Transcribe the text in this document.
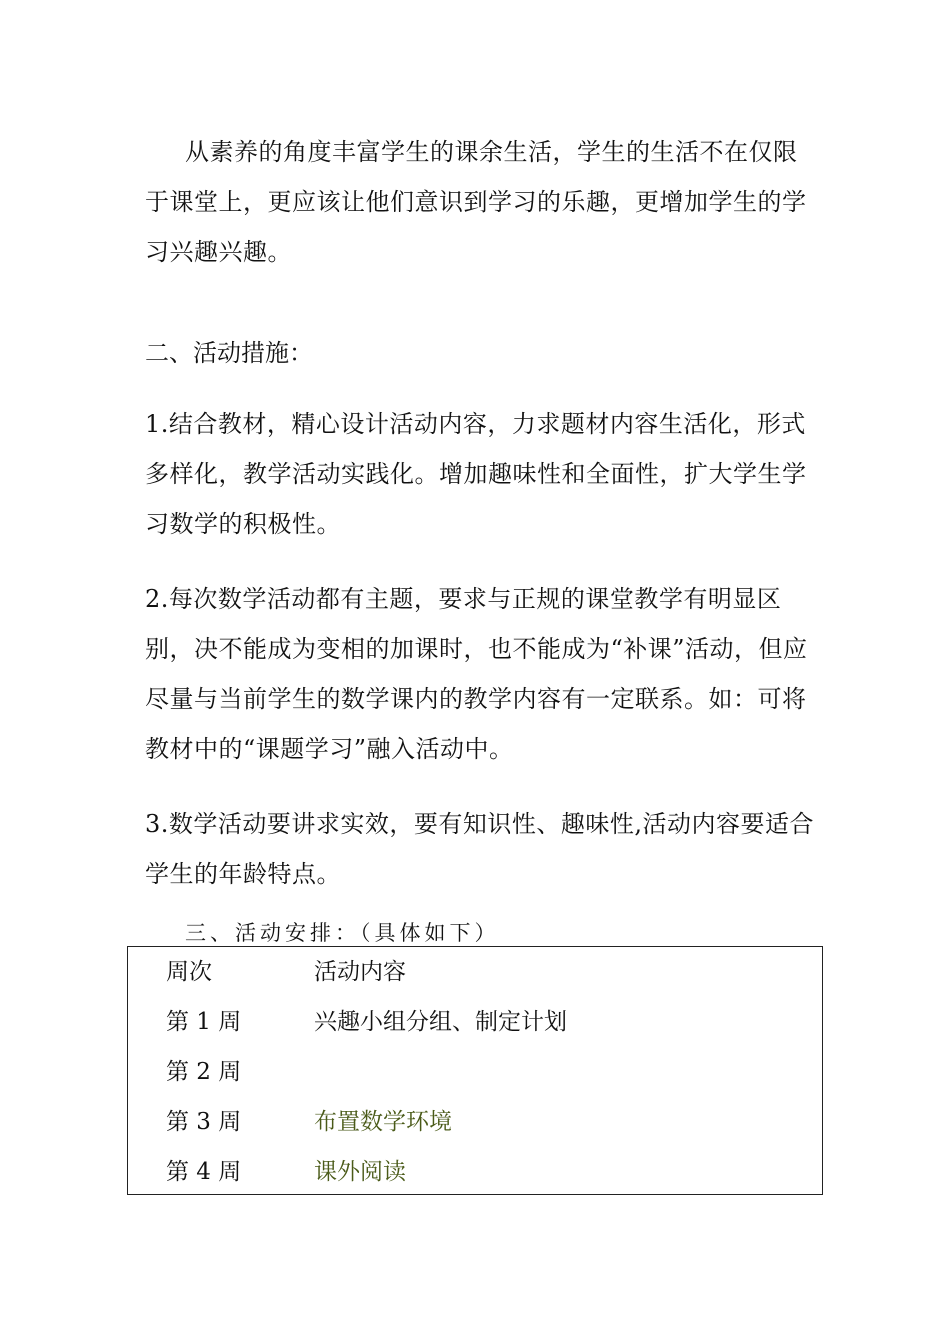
从素养的角度丰富学生的课余生活，学生的生活不在仅限于课堂上，更应该让他们意识到学习的乐趣，更增加学生的学习兴趣兴趣。

二、活动措施：

1.结合教材，精心设计活动内容，力求题材内容生活化，形式多样化，教学活动实践化。增加趣味性和全面性，扩大学生学习数学的积极性。

2.每次数学活动都有主题，要求与正规的课堂教学有明显区别，决不能成为变相的加课时，也不能成为“补课”活动，但应尽量与当前学生的数学课内的教学内容有一定联系。如：可将教材中的“课题学习”融入活动中。

3.数学活动要讲求实效，要有知识性、趣味性,活动内容要适合学生的年龄特点。

三、活动安排：（具体如下）

周次	活动内容
第 1 周	兴趣小组分组、制定计划
第 2 周
第 3 周	布置数学环境
第 4 周	课外阅读
